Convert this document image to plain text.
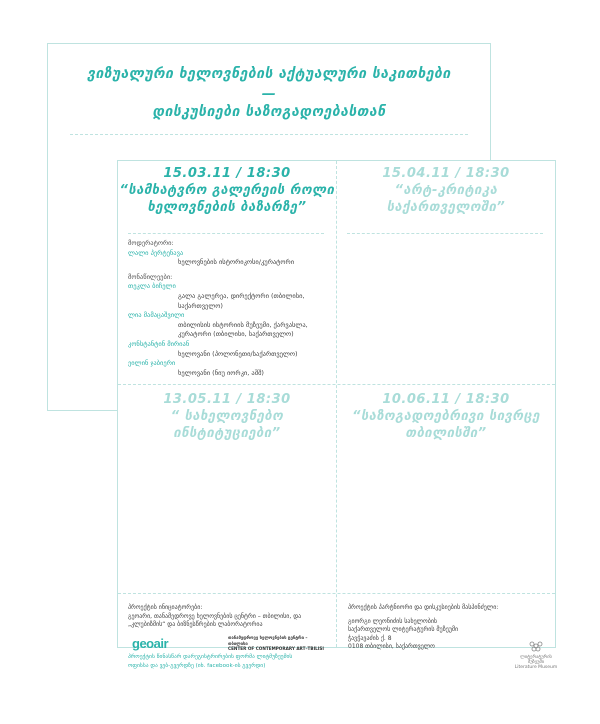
ვიზუალური ხელოვნების აქტუალური საკითხები
—
დისკუსიები საზოგადოებასთან
15.03.11 / 18:30
“სამხატვრო გალერეის როლი
ხელოვნების ბაზარზე”
მოდერატორი:
ლალი პერტენავა
ხელოვნების ისტორიკოსი/კურატორი
მონაწილეები:
თეკლა ბიჩელი
გალა გალერეა, დირექტორი (თბილისი,
საქართველო)
ლია მამაცაშვილი
თბილისის ისტორიის მუზეუმი, ქარვასლა,
კურატორი (თბილისი, საქართველო)
კონსტანტინ მირიან
ხელოვანი (პოლონეთი/საქართველო)
ეილინ ჯაბიერი
ხელოვანი (ნიუ იორკი, აშშ)
15.04.11 / 18:30
“არტ-კრიტიკა
საქართველოში”
13.05.11 / 18:30
“ სახელოვნებო
ინსტიტუციები”
10.06.11 / 18:30
“საზოგადოებრივი სივრცე
თბილისში”
პროექტის ინიციატორები:
გეოარი, თანამედროვე ხელოვნების ცენტრი – თბილისი, და
„კლუბიზმის“ და ბიზნესწრების ლაბორატორია
geoair	თანამედროვე ხელოვნების ცენტრი – თბილისი
CENTER OF CONTEMPORARY ART–TBILISI
პროექტის წინასწარ დარეგისტრირების ფორმა ლიტმუზეუმის
ოფისსა და ვებ-გვერდზე (იხ. facebook-ის გვერდი)
პროექტის პარტნიორი და დისკუსიების მასპინძელი:
გიორგი ლეონიძის სახელობის
საქართველოს ლიტერატურის მუზეუმი
ჭავჭავაძის ქ. 8
0108 თბილისი, საქართველო
ლიტერატურის მუზეუმი
Literature Museum
